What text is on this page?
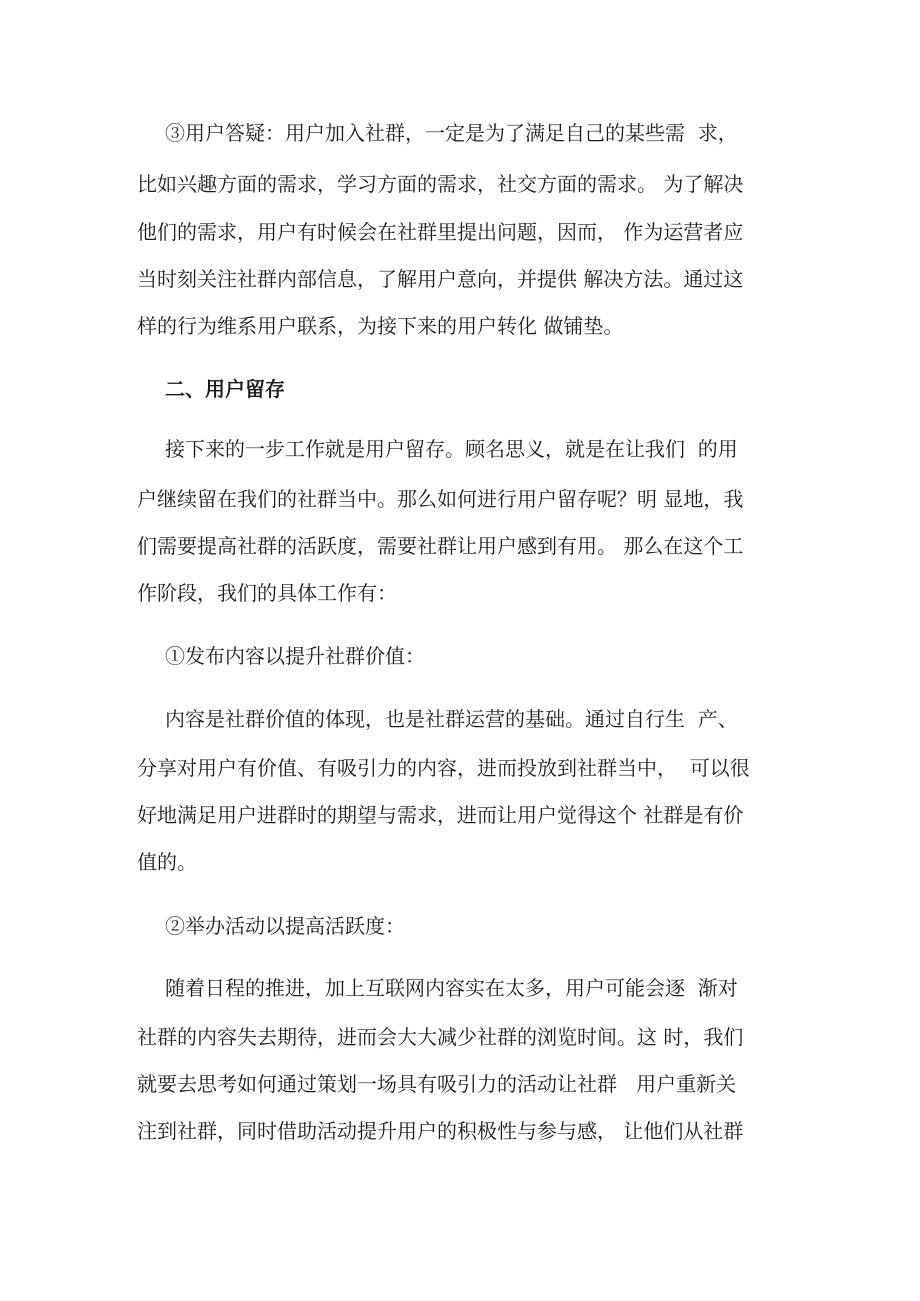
③用户答疑：用户加入社群，一定是为了满足自己的某些需  求，
比如兴趣方面的需求，学习方面的需求，社交方面的需求。 为了解决
他们的需求，用户有时候会在社群里提出问题，因而， 作为运营者应
当时刻关注社群内部信息，了解用户意向，并提供 解决方法。通过这
样的行为维系用户联系，为接下来的用户转化 做铺垫。
二、用户留存
接下来的一步工作就是用户留存。顾名思义，就是在让我们  的用
户继续留在我们的社群当中。那么如何进行用户留存呢？明 显地，我
们需要提高社群的活跃度，需要社群让用户感到有用。 那么在这个工
作阶段，我们的具体工作有：
①发布内容以提升社群价值：
内容是社群价值的体现，也是社群运营的基础。通过自行生  产、
分享对用户有价值、有吸引力的内容，进而投放到社群当中，  可以很
好地满足用户进群时的期望与需求，进而让用户觉得这个 社群是有价
值的。
②举办活动以提高活跃度：
随着日程的推进，加上互联网内容实在太多，用户可能会逐  渐对
社群的内容失去期待，进而会大大减少社群的浏览时间。这 时，我们
就要去思考如何通过策划一场具有吸引力的活动让社群   用户重新关
注到社群，同时借助活动提升用户的积极性与参与感， 让他们从社群
